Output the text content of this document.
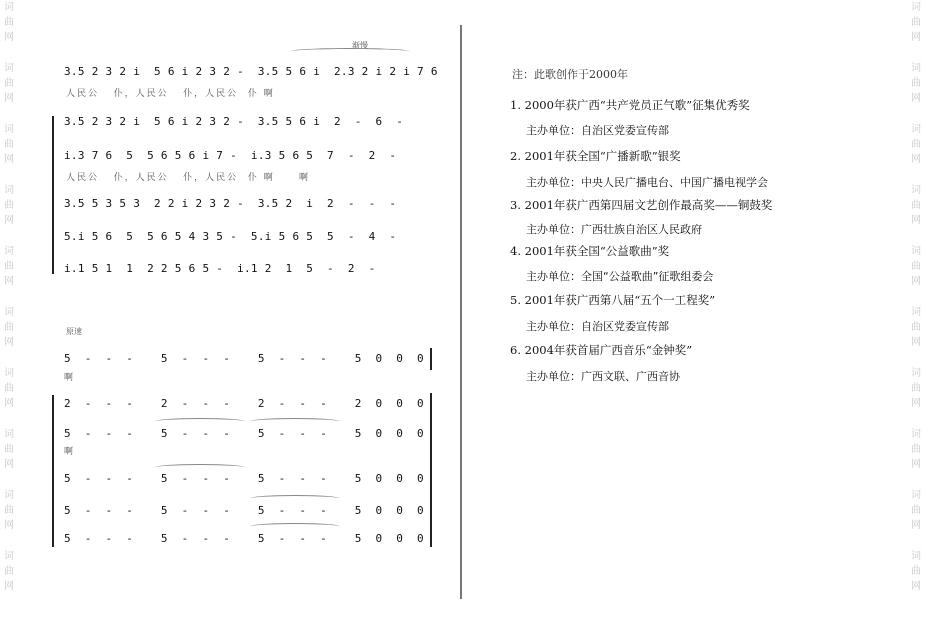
词
曲
网
词
曲
网
词
曲
网
词
曲
网
词
曲
网
词
曲
网
词
曲
网
词
曲
网
词
曲
网
词
曲
网
词
曲
网
词
曲
网
词
曲
网
词
曲
网
词
曲
网
词
曲
网
词
曲
网
词
曲
网
词
曲
网
词
曲
网
渐慢
3.5 2 3 2 i  5 6 i 2 3 2 -  3.5 5 6 i  2.3 2 i 2 i 7 6
人民公   仆，人民公   仆，人民公  仆 啊
3.5 2 3 2 i  5 6 i 2 3 2 -  3.5 5 6 i  2  -  6  -
i.3 7 6  5  5 6 5 6 i 7 -  i.3 5 6 5  7  -  2  -
人民公   仆，人民公   仆，人民公  仆 啊     啊
3.5 5 3 5 3  2 2 i 2 3 2 -  3.5 2  i  2  -  -  -
5.i 5 6  5  5 6 5 4 3 5 -  5.i 5 6 5  5  -  4  -
i.1 5 1  1  2 2 5 6 5 -  i.1 2  1  5  -  2  -
原速
5  -  -  -    5  -  -  -    5  -  -  -    5  0  0  0
啊
2  -  -  -    2  -  -  -    2  -  -  -    2  0  0  0
5  -  -  -    5  -  -  -    5  -  -  -    5  0  0  0
啊
5  -  -  -    5  -  -  -    5  -  -  -    5  0  0  0
5  -  -  -    5  -  -  -    5  -  -  -    5  0  0  0
5  -  -  -    5  -  -  -    5  -  -  -    5  0  0  0
注：此歌创作于2000年
1. 2000年获广西“共产党员正气歌”征集优秀奖
主办单位：自治区党委宣传部
2. 2001年获全国“广播新歌”银奖
主办单位：中央人民广播电台、中国广播电视学会
3. 2001年获广西第四届文艺创作最高奖——铜鼓奖
主办单位：广西壮族自治区人民政府
4. 2001年获全国“公益歌曲”奖
主办单位：全国“公益歌曲”征歌组委会
5. 2001年获广西第八届“五个一工程奖”
主办单位：自治区党委宣传部
6. 2004年获首届广西音乐“金钟奖”
主办单位：广西文联、广西音协
